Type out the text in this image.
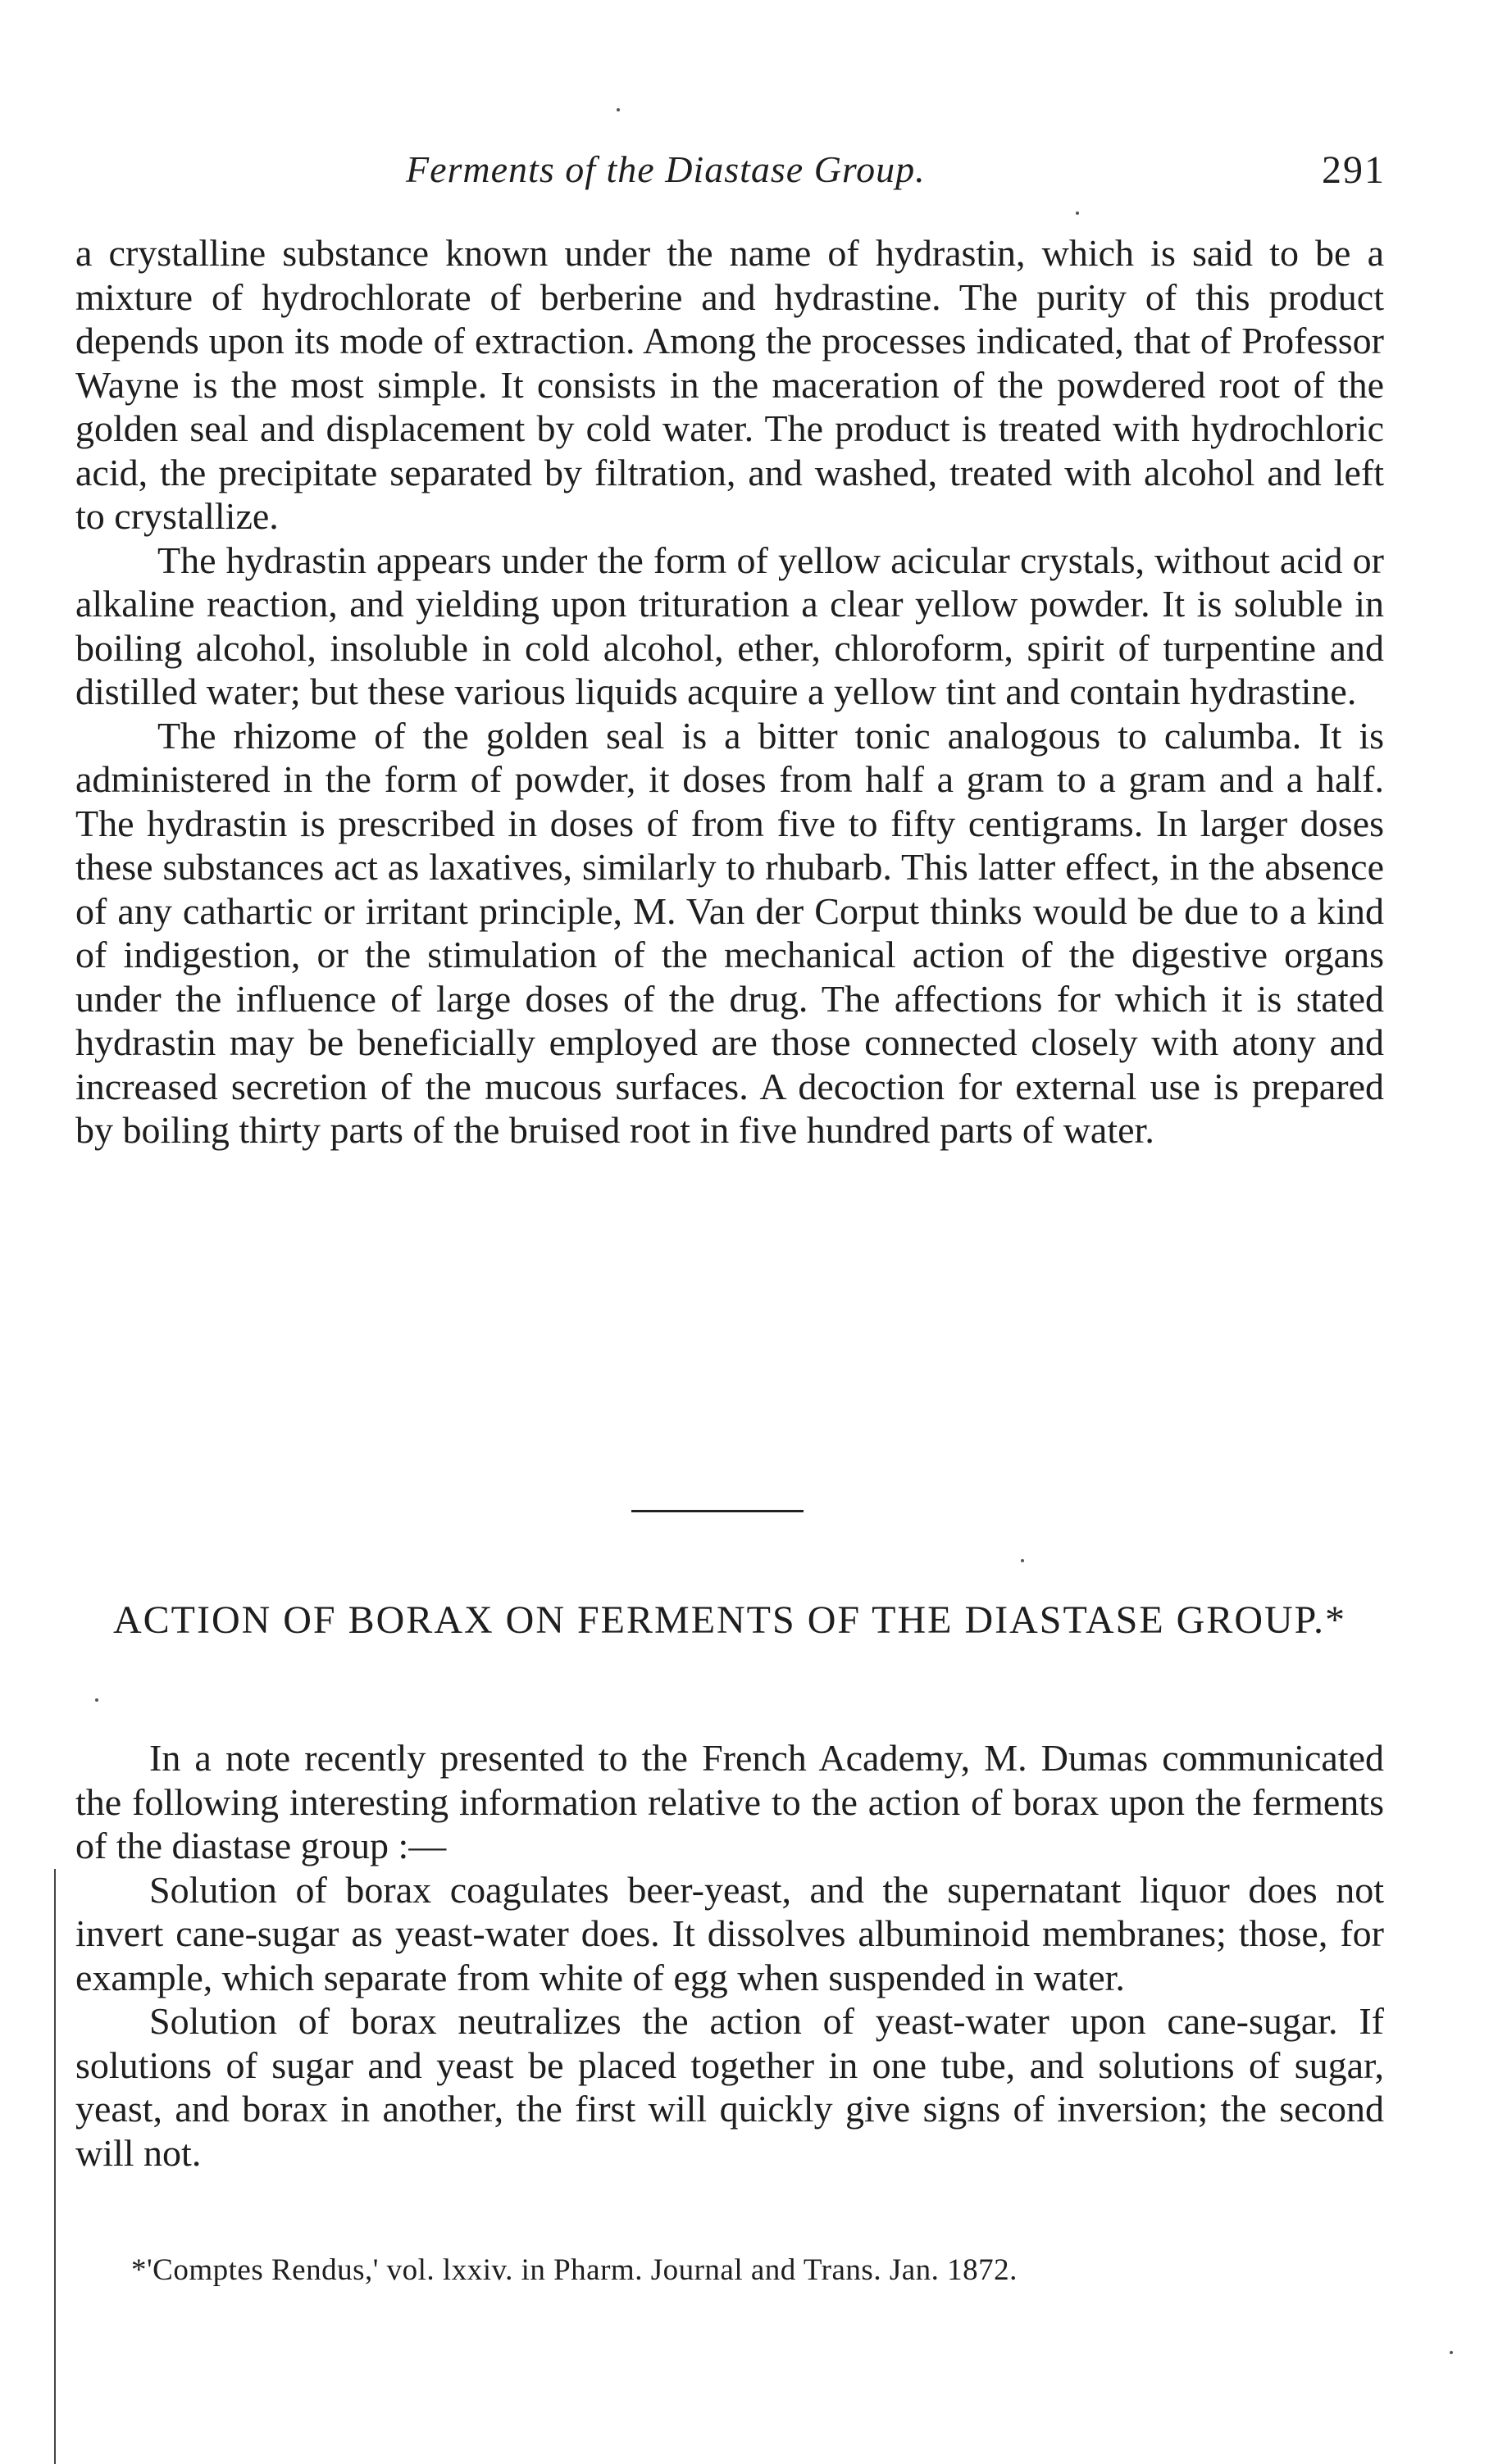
Ferments of the Diastase Group.	291

a crystalline substance known under the name of hydrastin, which is said to be a mixture of hydrochlorate of berberine and hydrastine. The purity of this product depends upon its mode of extraction. Among the processes indicated, that of Professor Wayne is the most simple. It consists in the maceration of the powdered root of the golden seal and displacement by cold water. The product is treated with hydrochloric acid, the precipitate separated by filtration, and washed, treated with alcohol and left to crystallize.

The hydrastin appears under the form of yellow acicular crystals, without acid or alkaline reaction, and yielding upon trituration a clear yellow powder. It is soluble in boiling alcohol, insoluble in cold alcohol, ether, chloroform, spirit of turpentine and distilled water; but these various liquids acquire a yellow tint and contain hydrastine.

The rhizome of the golden seal is a bitter tonic analogous to calumba. It is administered in the form of powder, it doses from half a gram to a gram and a half. The hydrastin is prescribed in doses of from five to fifty centigrams. In larger doses these substances act as laxatives, similarly to rhubarb. This latter effect, in the absence of any cathartic or irritant principle, M. Van der Corput thinks would be due to a kind of indigestion, or the stimulation of the mechanical action of the digestive organs under the influence of large doses of the drug. The affections for which it is stated hydrastin may be beneficially employed are those connected closely with atony and increased secretion of the mucous surfaces. A decoction for external use is prepared by boiling thirty parts of the bruised root in five hundred parts of water.

ACTION OF BORAX ON FERMENTS OF THE DIASTASE GROUP.*

In a note recently presented to the French Academy, M. Dumas communicated the following interesting information relative to the action of borax upon the ferments of the diastase group :—

Solution of borax coagulates beer-yeast, and the supernatant liquor does not invert cane-sugar as yeast-water does. It dissolves albuminoid membranes; those, for example, which separate from white of egg when suspended in water.

Solution of borax neutralizes the action of yeast-water upon cane-sugar. If solutions of sugar and yeast be placed together in one tube, and solutions of sugar, yeast, and borax in another, the first will quickly give signs of inversion; the second will not.

*'Comptes Rendus,' vol. lxxiv. in Pharm. Journal and Trans. Jan. 1872.
